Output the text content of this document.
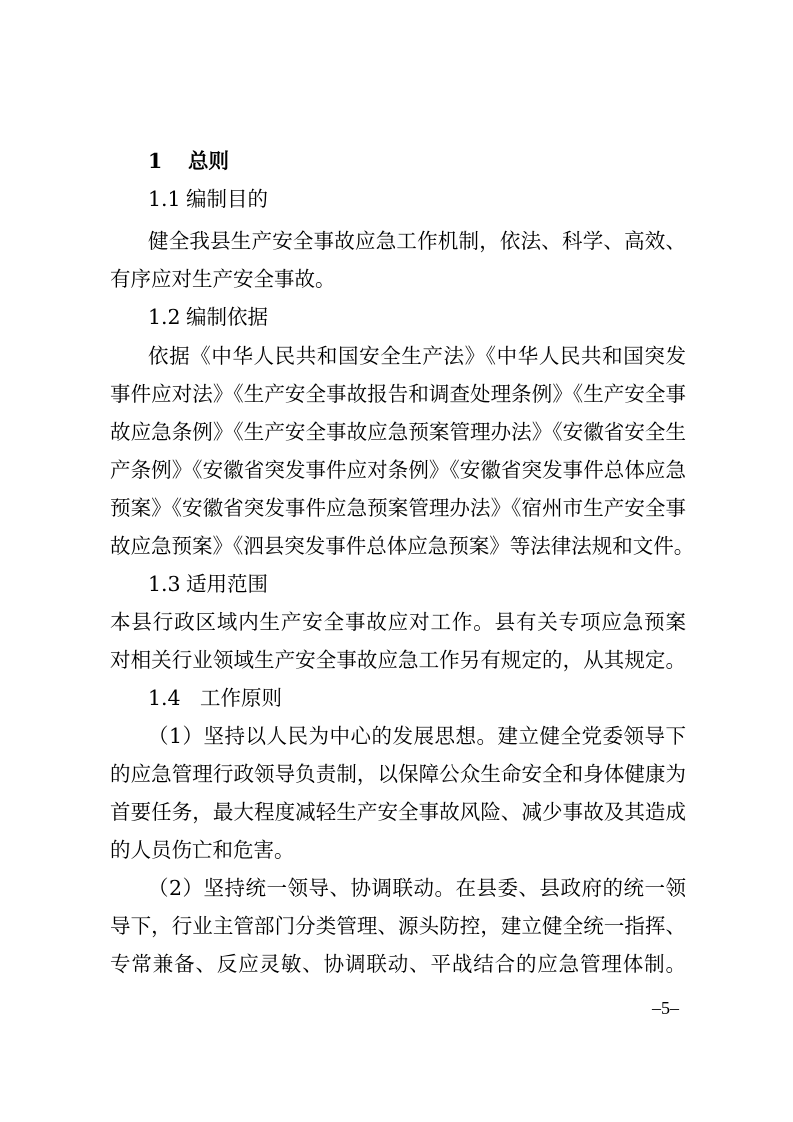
1 总则
1.1 编制目的
健全我县生产安全事故应急工作机制，依法、科学、高效、
有序应对生产安全事故。
1.2 编制依据
依据《中华人民共和国安全生产法》《中华人民共和国突发
事件应对法》《生产安全事故报告和调查处理条例》《生产安全事
故应急条例》《生产安全事故应急预案管理办法》《安徽省安全生
产条例》《安徽省突发事件应对条例》《安徽省突发事件总体应急
预案》《安徽省突发事件应急预案管理办法》《宿州市生产安全事
故应急预案》《泗县突发事件总体应急预案》等法律法规和文件。
1.3 适用范围
本县行政区域内生产安全事故应对工作。县有关专项应急预案
对相关行业领域生产安全事故应急工作另有规定的，从其规定。
1.4 工作原则
（1）坚持以人民为中心的发展思想。建立健全党委领导下
的应急管理行政领导负责制，以保障公众生命安全和身体健康为
首要任务，最大程度减轻生产安全事故风险、减少事故及其造成
的人员伤亡和危害。
（2）坚持统一领导、协调联动。在县委、县政府的统一领
导下，行业主管部门分类管理、源头防控，建立健全统一指挥、
专常兼备、反应灵敏、协调联动、平战结合的应急管理体制。
–5–
